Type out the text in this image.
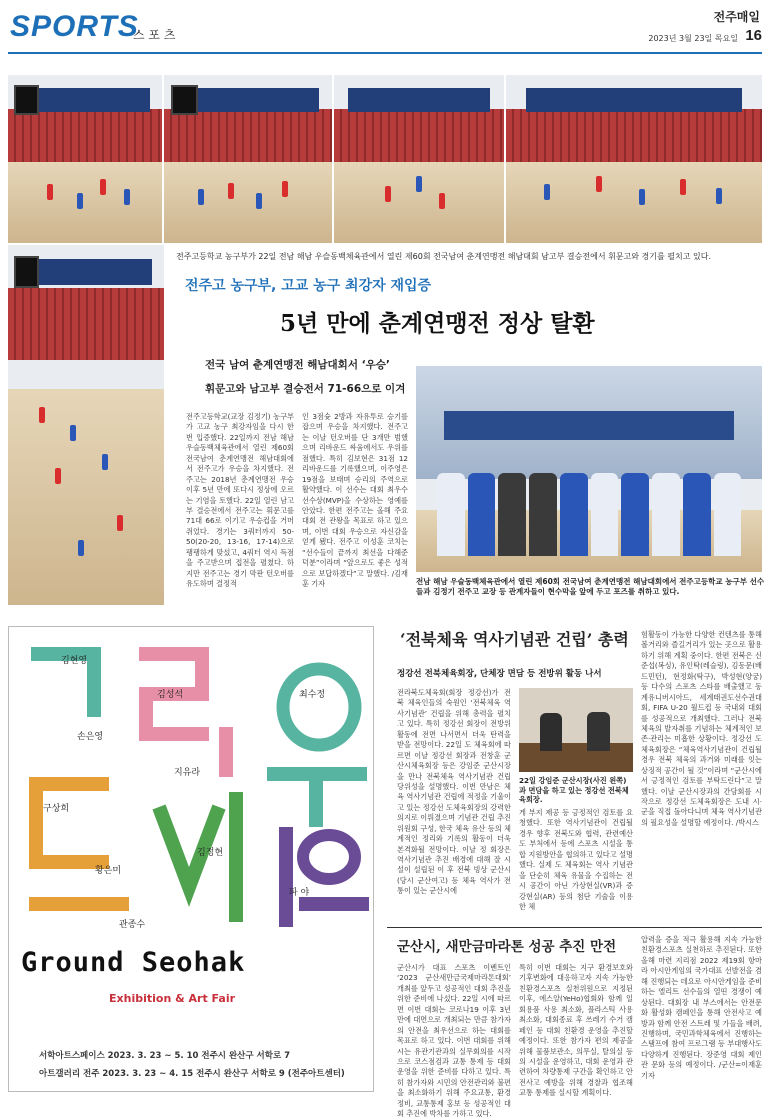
SPORTS
스 포 츠
전주매일
2023년 3월 23일 목요일 16
전주고등학교 농구부가 22일 전남 해남 우슬동백체육관에서 열린 제60회 전국남여 춘계연맹전 해남대회 남고부 결승전에서 휘문고와 경기를 펼치고 있다.
전주고 농구부, 고교 농구 최강자 재입증
5년 만에 춘계연맹전 정상 탈환
전국 남여 춘계연맹전 해남대회서 ‘우승’
휘문고와 남고부 결승전서 71-66으로 이겨
전주고등학교(교장 김정기) 농구부가 고교 농구 최강자임을 다시 한번 입증했다. 22일까지 전남 해남 우슬동백체육관에서 열린 제60회 전국남여 춘계연맹전 해남대회에서 전주고가 우승을 차지했다. 전주고는 2018년 춘계연맹전 우승 이후 5년 만에 또다시 정상에 오르는 기염을 토했다. 22일 열린 남고부 결승전에서 전주고는 휘문고를 71대 66로 이기고 우승컵을 거머쥐었다. 경기는 3쿼터까지 50-50(20-20, 13-16, 17-14)으로 팽팽하게 맞섰고, 4쿼터 역시 득점을 주고받으며 접전을 펼쳤다. 하지만 전주고는 경기 막판 턴오버를 유도하며 결정적
인 3점슛 2방과 자유투로 승기를 잡으며 우승을 차지했다. 전주고는 이날 턴오버를 단 3개만 범했으며 리바운드 싸움에서도 우위를 점했다. 특히 김보현은 31점 12리바운드를 기록했으며, 이주영은 19점을 보태며 승리의 주역으로 활약했다. 이 선수는 대회 최우수선수상(MVP)을 수상하는 영예를 안았다. 한편 전주고는 올해 주요 대회 전 관왕을 목표로 하고 있으며, 이번 대회 우승으로 자신감을 얻게 됐다. 전주고 이성훈 코치는 “선수들이 끝까지 최선을 다해준 덕분”이라며 “앞으로도 좋은 성적으로 보답하겠다”고 말했다. /김재훈 기자	전남 해남 우슬동백체육관에서 열린 제60회 전국남여 춘계연맹전 해남대회에서 전주고등학교 농구부 선수들과 김정기 전주고 교장 등 관계자들이 현수막을 앞에 두고 포즈를 취하고 있다.
김현영
김성석	최수정
손은영
지유라
구상희
황은미
김정현
관종수
파 야
Ground Seohak
Exhibition & Art Fair
서학아트스페이스 2023. 3. 23 ~ 5. 10 전주시 완산구 서학로 7
아트갤러리 전주 2023. 3. 23 ~ 4. 15 전주시 완산구 서학로 9 (전주아트센터)
‘전북체육 역사기념관 건립’ 총력
정강선 전북체육회장, 단체장 면담 등 전방위 활동 나서
전라북도체육회(회장 정강선)가 전북 체육인들의 숙원인 ‘전북체육 역사기념관’ 건립을 위해 총력을 펼치고 있다. 특히 정강선 회장이 전방위 활동에 전면 나서면서 더욱 탄력을 받을 전망이다. 22일 도 체육회에 따르면 이날 정강선 회장과 전창훈 군산시체육회장 등은 강임준 군산시장을 만나 전북체육 역사기념관 건립 당위성을 설명했다. 이번 만남은 체육 역사기념관 건립에 적정을 기울이고 있는 정강선 도체육회장의 강력한 의지로 이뤄졌으며 기념관 건립 추진위원회 구성, 한국 체육 유산 등의 체계적인 정리와 기록의 활동이 더욱 본격화될 전망이다. 이날 정 회장은 역사기념관 추진 배경에 대해 잘 시설이 설립된 이 후 전북 빙상 군산시(당시 군산여고) 등 체육 역사가 전통이 있는 군산시에
22일 강임준 군산시장(사진 왼쪽)과 면담을 하고 있는 정강선 전북체육회장.
게 부지 제공 등 긍정적인 검토를 요청했다. 또한 역사기념관이 건립될 경우 향후 전북도와 협력, 관련예산 도 부처에서 등에 스포츠 시설을 통합 지원방안을 협의하고 있다고 설명했다. 실제 도 체육회는 역사 기념관을 단순히 체육 유물을 수집하는 전시 공간이 아닌 가상현실(VR)과 증강현실(AR) 등의 첨단 기술을 이용한 체
험활동이 가능한 다양한 컨텐츠를 통해 볼거리와 즐길거리가 있는 곳으로 활용하기 위해 계획 중이다. 한편 전북은 신준섭(복싱), 유인탁(레슬링), 김동문(배드민턴), 현정화(탁구), 박성현(양궁) 등 다수의 스포츠 스타를 배출했고 동계유니버시아드, 세계태권도선수권대회, FIFA U-20 월드컵 등 국내외 대회를 성공적으로 개최했다. 그러나 전북 체육의 발자취를 기념하는 체계적인 보존·관리는 미흡한 상황이다. 정강선 도체육회장은 “체육역사기념관이 건립될 경우 전북 체육의 과거와 미래를 잇는 상징적 공간이 될 것”이라며 “군산시에서 긍정적인 검토를 부탁드린다”고 말했다. 이날 군산시장과의 간담회를 시작으로 정강선 도체육회장은 도내 시·군을 직접 돌아다니며 체육 역사기념관의 필요성을 설명할 예정이다. /박시스
군산시, 새만금마라톤 성공 추진 만전
군산시가 대표 스포츠 이벤트인 ‘2023 군산새만금국제마라톤대회’ 개최를 앞두고 성공적인 대회 추진을 위한 준비에 나섰다. 22일 시에 따르면 이번 대회는 코로나19 이후 3년 만에 대면으로 개최되는 만큼 참가자의 안전을 최우선으로 하는 대회를 목표로 하고 있다. 이번 대회를 위해 시는 유관기관과의 실무회의를 시작으로 코스점검과 교통 통제 등 대회 운영을 위한 준비를 다하고 있다. 특히 참가자와 시민의 안전관리와 불편을 최소화하기 위해 주요교통, 환경정비, 교통통제 홍보 등 성공적인 대회 추진에 박차를 가하고 있다.
특히 이번 대회는 지구 환경보호와 기후변화에 대응하고자 지속 가능한 친환경스포츠 실천위원으로 지정된 이후, 에스알(YeHo)협회와 함께 일회용품 사용 최소화, 플라스틱 사용 최소화, 대회종료 후 쓰레기 수거 캠페인 등 대회 친환경 운영을 추진할 예정이다. 또한 참가자 편의 제공을 위해 물품보관소, 의무실, 탈의실 등의 시설을 운영하고, 대회 운영과 관련하여 차량통제 구간을 확인하고 안전사고 예방을 위해 경찰과 협조해 교통 통제를 실시할 계획이다.
압력을 증을 적극 활용해 지속 가능한 친환경스포츠 실천하로 추진된다. 또한 올해 마련 지리점 2022 제19회 항마라 아시안게임의 국가대표 선발전을 겸해 진행되는 데요로 아시안게임을 준비하는 엘리트 선수들의 열띤 경쟁이 예상된다. 대회장 내 부스에서는 안전문화 활성화 캠페인을 통해 안전사고 예방과 함께 안전 스트레 및 가들을 배려, 진행하며, 국민과학체육에서 진행하는 스탬프에 참여 프로그램 등 부대행사도 다양하게 진행된다. 장준영 대회 제인관 문화 등의 예정이다. /군산=이재훈 기자
